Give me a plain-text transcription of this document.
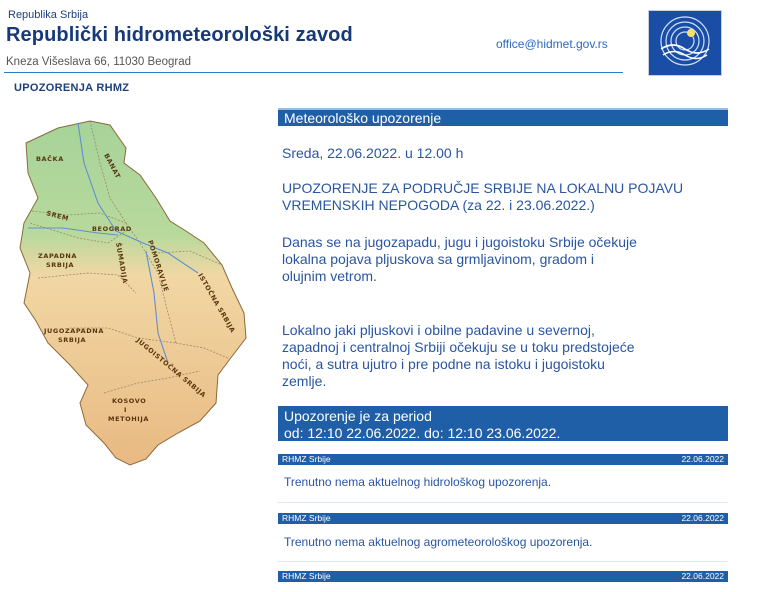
Republika Srbija
Republički hidrometeorološki zavod
Kneza Višeslava 66, 11030 Beograd
office@hidmet.gov.rs
UPOZORENJA RHMZ
BAČKA	BANAT
SREM
BEOGRAD
ZAPADNA
SRBIJA	ŠUMADIJA	POMORAVLJE
ISTOČNA SRBIJA
JUGOZAPADNA
SRBIJA	JUGOISTOČNA SRBIJA
KOSOVO
I
METOHIJA
Meteorološko upozorenje
Sreda, 22.06.2022. u 12.00 h
UPOZORENJE ZA PODRUČJE SRBIJE NA LOKALNU POJAVU
VREMENSKIH NEPOGODA (za 22. i 23.06.2022.)
Danas se na jugozapadu, jugu i jugoistoku Srbije očekuje
lokalna pojava pljuskova sa grmljavinom, gradom i
olujnim vetrom.
Lokalno jaki pljuskovi i obilne padavine u severnoj,
zapadnoj i centralnoj Srbiji očekuju se u toku predstojeće
noći, a sutra ujutro i pre podne na istoku i jugoistoku
zemlje.
Upozorenje je za period
od: 12:10 22.06.2022. do: 12:10 23.06.2022.
RHMZ Srbije	22.06.2022
Trenutno nema aktuelnog hidrološkog upozorenja.
RHMZ Srbije	22.06.2022
Trenutno nema aktuelnog agrometeorološkog upozorenja.
RHMZ Srbije	22.06.2022
